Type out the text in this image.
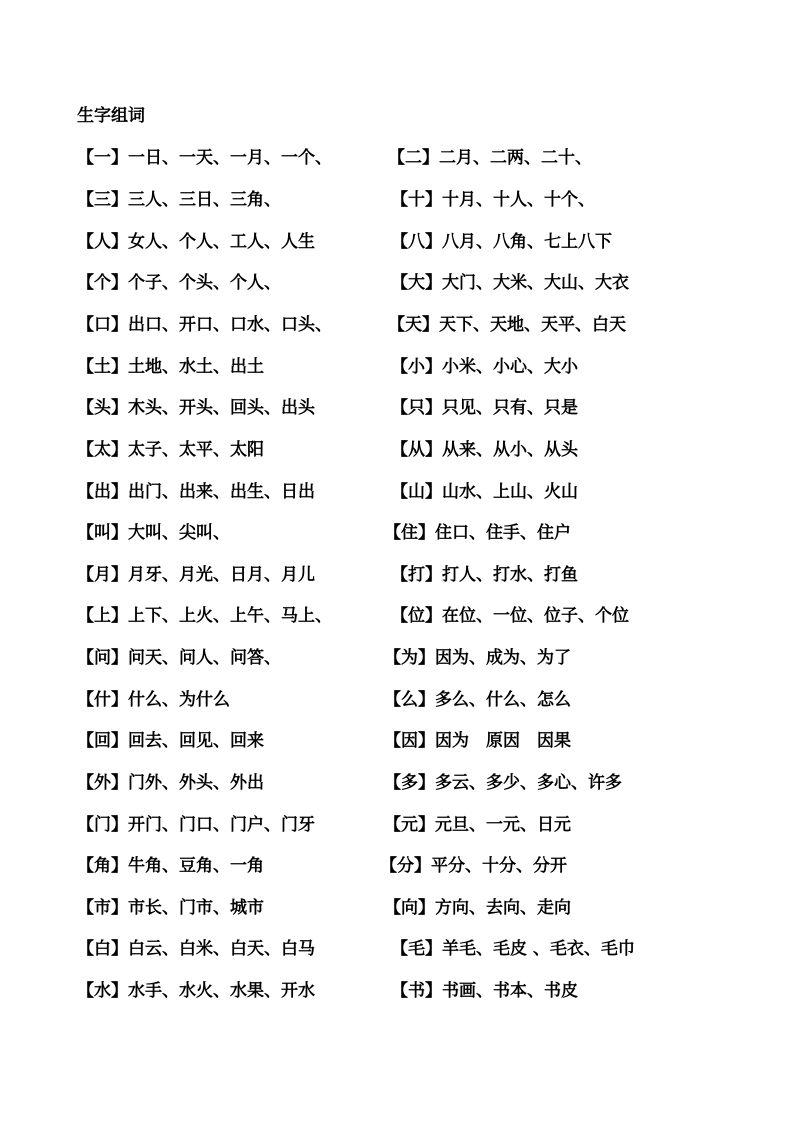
生字组词
【一】一日、一天、一月、一个、	【二】二月、二两、二十、
【三】三人、三日、三角、	【十】十月、十人、十个、
【人】女人、个人、工人、人生	【八】八月、八角、七上八下
【个】个子、个头、个人、	【大】大门、大米、大山、大衣
【口】出口、开口、口水、口头、	【天】天下、天地、天平、白天
【土】土地、水土、出土	【小】小米、小心、大小
【头】木头、开头、回头、出头	【只】只见、只有、只是
【太】太子、太平、太阳	【从】从来、从小、从头
【出】出门、出来、出生、日出	【山】山水、上山、火山
【叫】大叫、尖叫、	【住】住口、住手、住户
【月】月牙、月光、日月、月儿	【打】打人、打水、打鱼
【上】上下、上火、上午、马上、	【位】在位、一位、位子、个位
【问】问天、问人、问答、	【为】因为、成为、为了
【什】什么、为什么	【么】多么、什么、怎么
【回】回去、回见、回来	【因】因为　原因　因果
【外】门外、外头、外出	【多】多云、多少、多心、许多
【门】开门、门口、门户、门牙	【元】元旦、一元、日元
【角】牛角、豆角、一角	【分】平分、十分、分开
【市】市长、门市、城市	【向】方向、去向、走向
【白】白云、白米、白天、白马	【毛】羊毛、毛皮 、毛衣、毛巾
【水】水手、水火、水果、开水	【书】书画、书本、书皮
